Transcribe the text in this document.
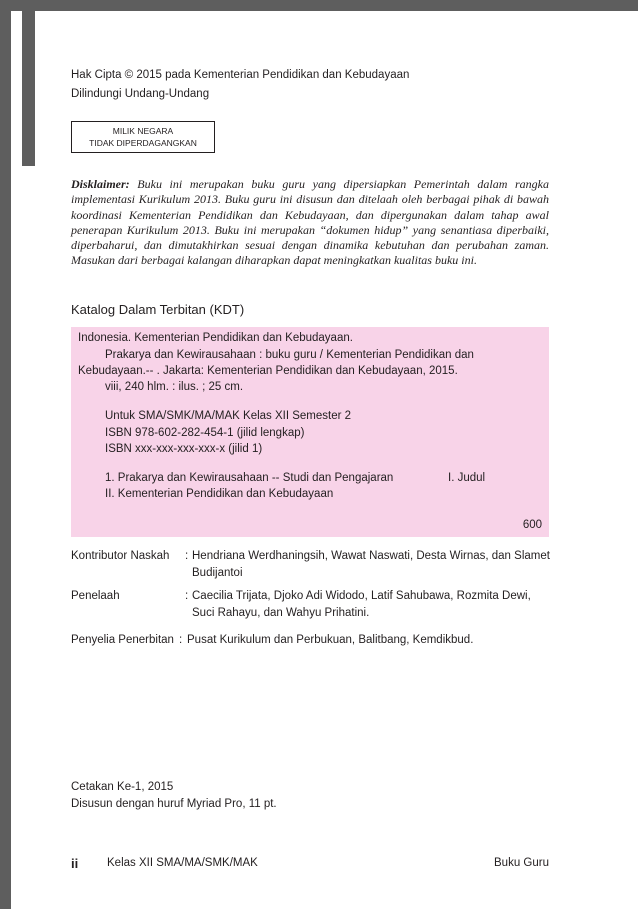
Hak Cipta © 2015 pada Kementerian Pendidikan dan Kebudayaan
Dilindungi Undang-Undang
MILIK NEGARA
TIDAK DIPERDAGANGKAN
Disklaimer: Buku ini merupakan buku guru yang dipersiapkan Pemerintah dalam rangka implementasi Kurikulum 2013. Buku guru ini disusun dan ditelaah oleh berbagai pihak di bawah koordinasi Kementerian Pendidikan dan Kebudayaan, dan dipergunakan dalam tahap awal penerapan Kurikulum 2013. Buku ini merupakan “dokumen hidup” yang senantiasa diperbaiki, diperbaharui, dan dimutakhirkan sesuai dengan dinamika kebutuhan dan perubahan zaman. Masukan dari berbagai kalangan diharapkan dapat meningkatkan kualitas buku ini.
Katalog Dalam Terbitan (KDT)
Indonesia. Kementerian Pendidikan dan Kebudayaan.
Prakarya dan Kewirausahaan : buku guru / Kementerian Pendidikan dan
Kebudayaan.-- . Jakarta: Kementerian Pendidikan dan Kebudayaan, 2015.
viii, 240 hlm. : ilus. ; 25 cm.
Untuk SMA/SMK/MA/MAK Kelas XII Semester 2
ISBN 978-602-282-454-1 (jilid lengkap)
ISBN xxx-xxx-xxx-xxx-x (jilid 1)
1. Prakarya dan Kewirausahaan -- Studi dan Pengajaran	I. Judul
II. Kementerian Pendidikan dan Kebudayaan
600
Kontributor Naskah : Hendriana Werdhaningsih, Wawat Naswati, Desta Wirnas, dan Slamet Budijantoi
Penelaah	: Caecilia Trijata, Djoko Adi Widodo, Latif Sahubawa, Rozmita Dewi, Suci Rahayu, dan Wahyu Prihatini.
Penyelia Penerbitan : Pusat Kurikulum dan Perbukuan, Balitbang, Kemdikbud.
Cetakan Ke-1, 2015
Disusun dengan huruf Myriad Pro, 11 pt.
ii	Kelas XII SMA/MA/SMK/MAK	Buku Guru
